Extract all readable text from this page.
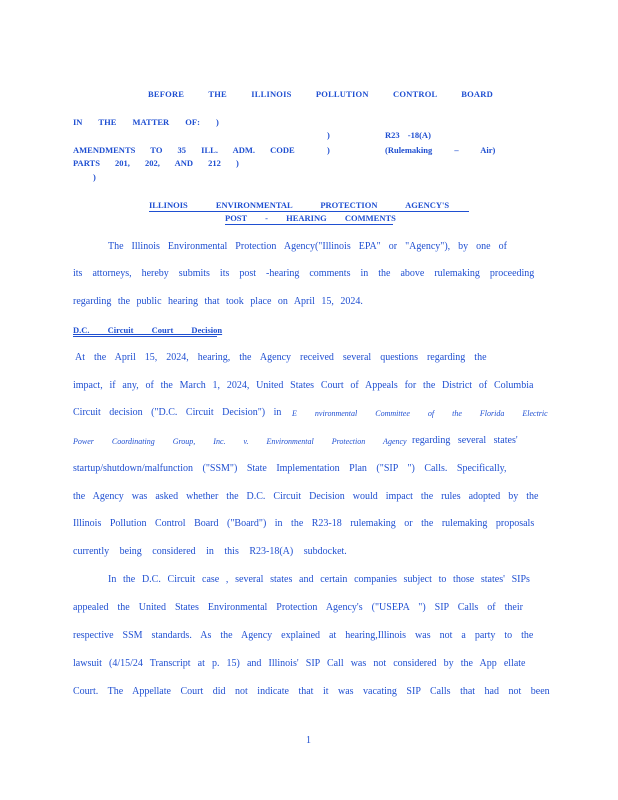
BEFORE THE ILLINOIS POLLUTION CONTROL BOARD
IN THE MATTER OF: )
)	R23 -18(A)
AMENDMENTS TO 35 ILL. ADM. CODE	)	(Rulemaking – Air)
PARTS 201, 202, AND 212 )
)
ILLINOIS ENVIRONMENTAL PROTECTION AGENCY'S
POST - HEARING COMMENTS
The Illinois Environmental Protection Agency("Illinois EPA" or "Agency"), by one of
its attorneys, hereby submits its post -hearing comments in the above rulemaking proceeding
regarding the public hearing that took place on April 15, 2024.
D.C. Circuit Court Decision
At the April 15, 2024, hearing, the Agency received several questions regarding the
impact, if any, of the March 1, 2024, United States Court of Appeals for the District of Columbia
Circuit decision ("D.C. Circuit Decision") in E nvironmental Committee of the Florida Electric
Power Coordinating Group, Inc. v. Environmental Protection Agency regarding several states'
startup/shutdown/malfunction ("SSM") State Implementation Plan ("SIP ") Calls. Specifically,
the Agency was asked whether the D.C. Circuit Decision would impact the rules adopted by the
Illinois Pollution Control Board ("Board") in the R23-18 rulemaking or the rulemaking proposals
currently being considered in this R23-18(A) subdocket.
In the D.C. Circuit case , several states and certain companies subject to those states' SIPs
appealed the United States Environmental Protection Agency's ("USEPA ") SIP Calls of their
respective SSM standards. As the Agency explained at hearing,Illinois was not a party to the
lawsuit (4/15/24 Transcript at p. 15) and Illinois' SIP Call was not considered by the App ellate
Court. The Appellate Court did not indicate that it was vacating SIP Calls that had not been
1
